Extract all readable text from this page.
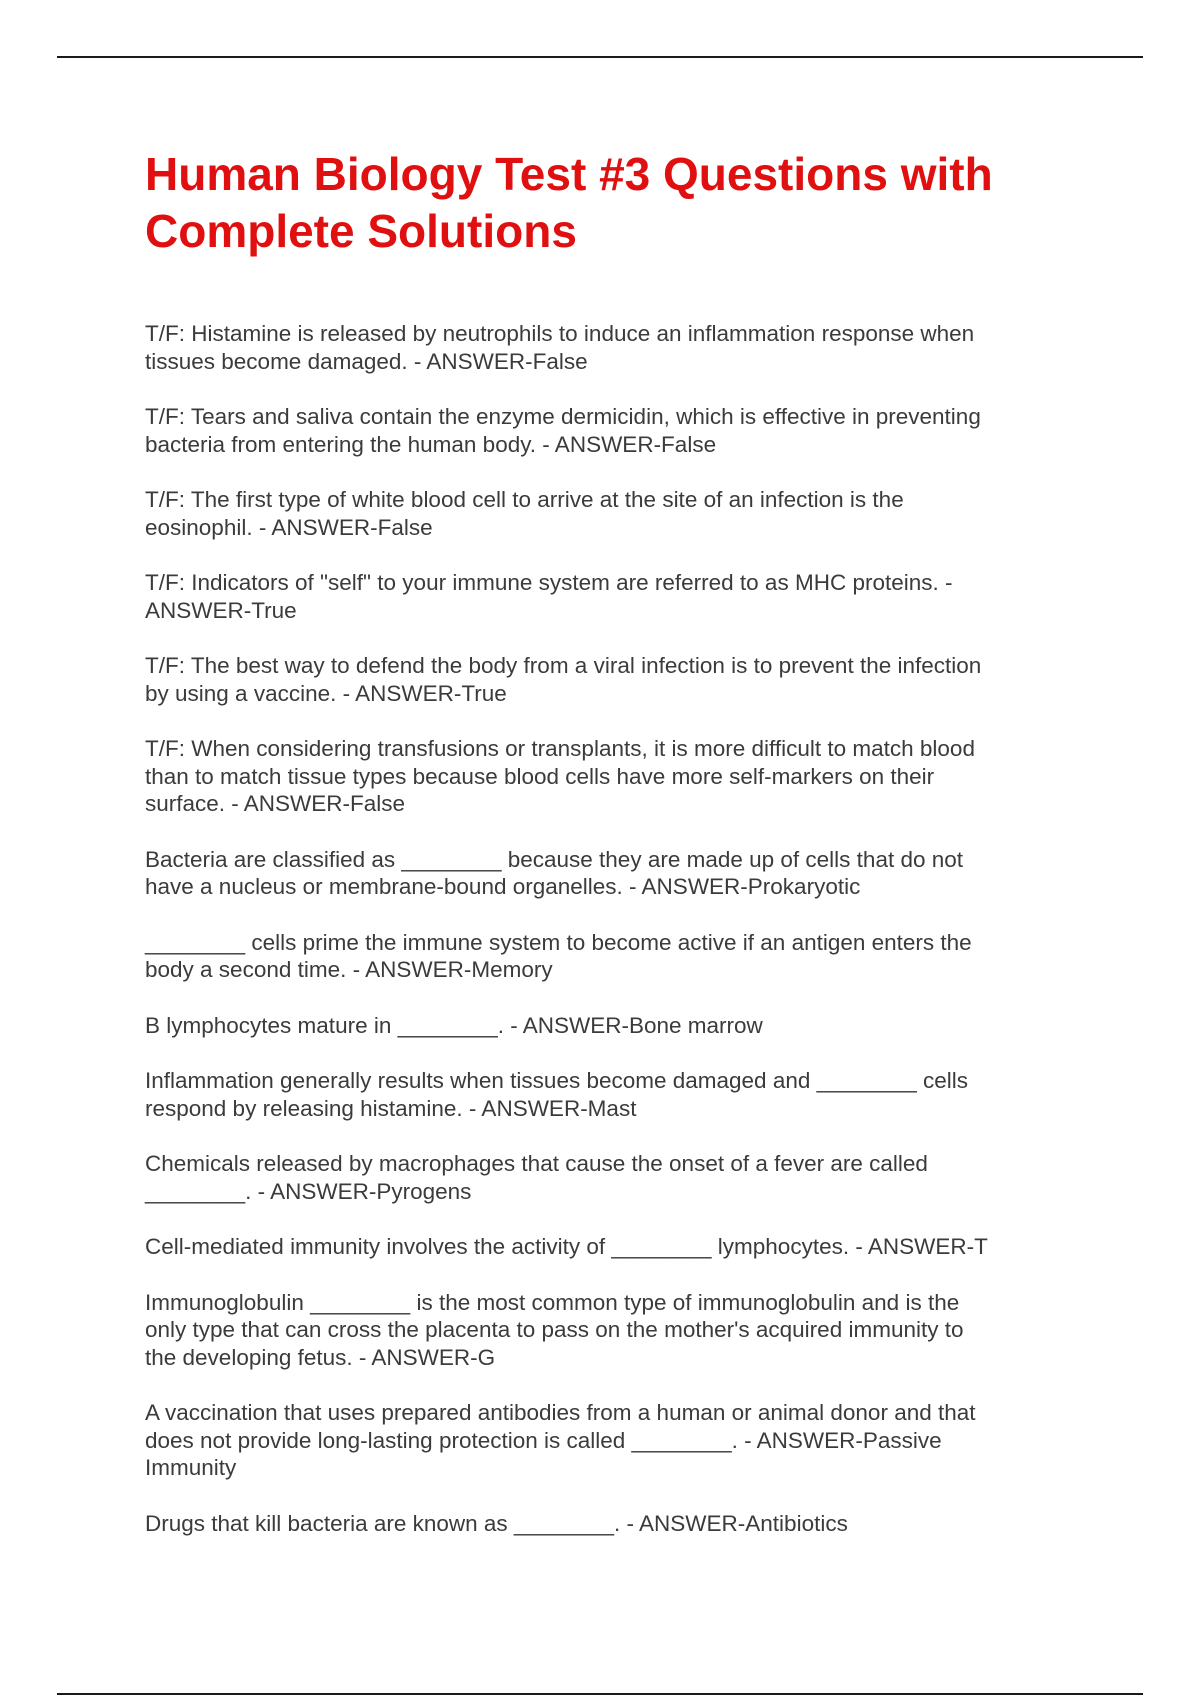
Human Biology Test #3 Questions with Complete Solutions
T/F: Histamine is released by neutrophils to induce an inflammation response when
tissues become damaged. - ANSWER-False
T/F: Tears and saliva contain the enzyme dermicidin, which is effective in preventing
bacteria from entering the human body. - ANSWER-False
T/F: The first type of white blood cell to arrive at the site of an infection is the
eosinophil. - ANSWER-False
T/F: Indicators of "self" to your immune system are referred to as MHC proteins. -
ANSWER-True
T/F: The best way to defend the body from a viral infection is to prevent the infection
by using a vaccine. - ANSWER-True
T/F: When considering transfusions or transplants, it is more difficult to match blood
than to match tissue types because blood cells have more self-markers on their
surface. - ANSWER-False
Bacteria are classified as ________ because they are made up of cells that do not
have a nucleus or membrane-bound organelles. - ANSWER-Prokaryotic
________ cells prime the immune system to become active if an antigen enters the
body a second time. - ANSWER-Memory
B lymphocytes mature in ________. - ANSWER-Bone marrow
Inflammation generally results when tissues become damaged and ________ cells
respond by releasing histamine. - ANSWER-Mast
Chemicals released by macrophages that cause the onset of a fever are called
________. - ANSWER-Pyrogens
Cell-mediated immunity involves the activity of ________ lymphocytes. - ANSWER-T
Immunoglobulin ________ is the most common type of immunoglobulin and is the
only type that can cross the placenta to pass on the mother's acquired immunity to
the developing fetus. - ANSWER-G
A vaccination that uses prepared antibodies from a human or animal donor and that
does not provide long-lasting protection is called ________. - ANSWER-Passive
Immunity
Drugs that kill bacteria are known as ________. - ANSWER-Antibiotics
